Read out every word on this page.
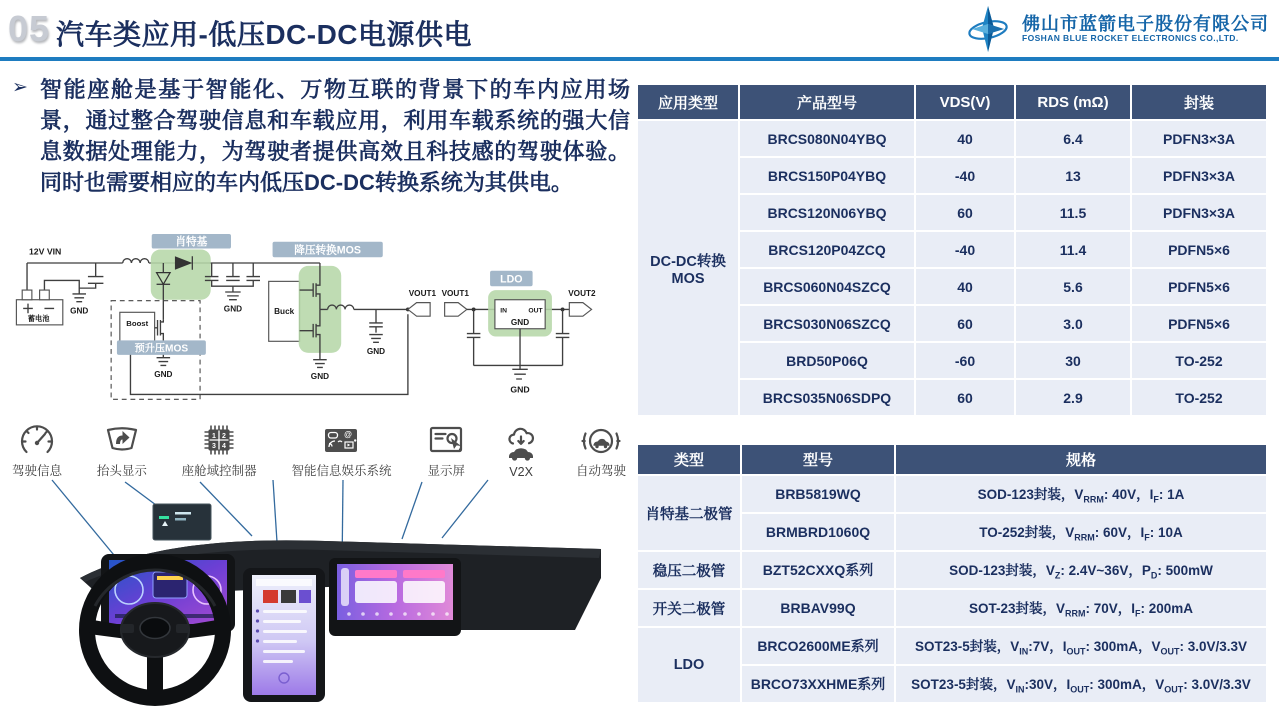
05 汽车类应用-低压DC-DC电源供电	佛山市蓝箭电子股份有限公司
FOSHAN BLUE ROCKET ELECTRONICS CO.,LTD.
➢ 智能座舱是基于智能化、万物互联的背景下的车内应用场景，通过整合驾驶信息和车载应用，利用车载系统的强大信息数据处理能力，为驾驶者提供高效且科技感的驾驶体验。同时也需要相应的车内低压DC-DC转换系统为其供电。
蓄电池
GND
12V VIN
肖特基
Boost
预升压MOS
GND
GND	Buck
降压转换MOS
GND
GND
VOUT1 VOUT1
IN	OUT
GND
LDO
GND
VOUT2
驾驶信息	抬头显示
1 2
3 4
座舱域控制器
@
智能信息娱乐系统	显示屏	V2X	自动驾驶
应用类型	产品型号	VDS(V)	RDS (mΩ)	封装
DC-DC转换
MOS	BRCS080N04YBQ	40	6.4	PDFN3×3A
	BRCS150P04YBQ	-40	13	PDFN3×3A
	BRCS120N06YBQ	60	11.5	PDFN3×3A
	BRCS120P04ZCQ	-40	11.4	PDFN5×6
	BRCS060N04SZCQ	40	5.6	PDFN5×6
	BRCS030N06SZCQ	60	3.0	PDFN5×6
	BRD50P06Q	-60	30	TO-252
	BRCS035N06SDPQ	60	2.9	TO-252
类型	型号	规格
肖特基二极管	BRB5819WQ	SOD-123封装，$V_{RRM}$: 40V，$I_F$: 1A
	BRMBRD1060Q	TO-252封装，$V_{RRM}$: 60V，$I_F$: 10A
稳压二极管	BZT52CXXQ系列	SOD-123封装，$V_Z$: 2.4V~36V，$P_D$: 500mW
开关二极管	BRBAV99Q	SOT-23封装，$V_{RRM}$: 70V，$I_F$: 200mA
LDO	BRCO2600ME系列	SOT23-5封装，$V_{IN}:7V$，$I_{OUT}$: 300mA，$V_{OUT}$: 3.0V/3.3V
	BRCO73XXHME系列	SOT23-5封装，$V_{IN}:30V$，$I_{OUT}$: 300mA，$V_{OUT}$: 3.0V/3.3V
